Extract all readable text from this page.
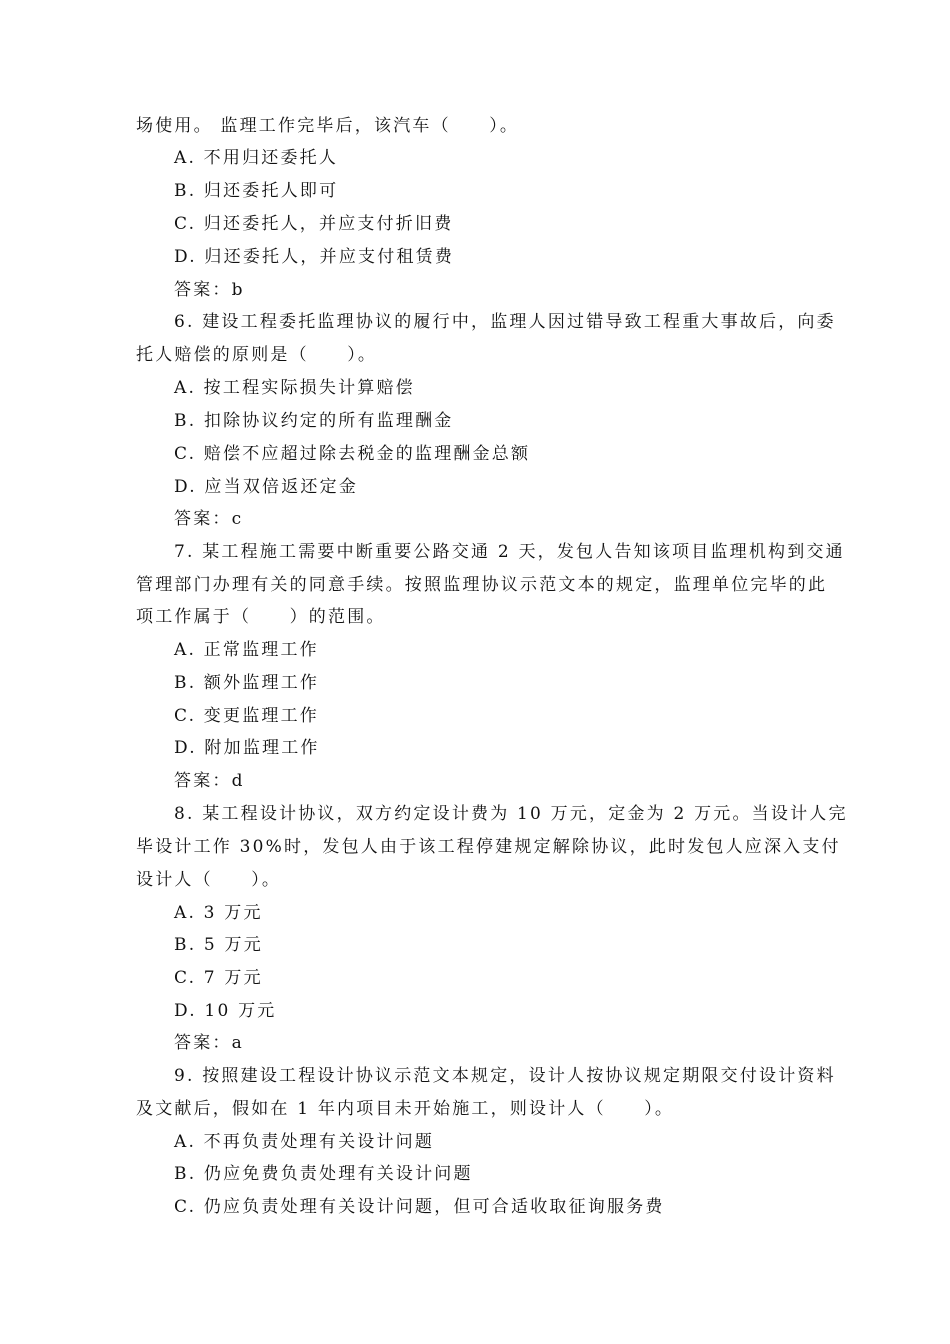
场使用。 监理工作完毕后，该汽车（　　）。
A. 不用归还委托人
B. 归还委托人即可
C. 归还委托人，并应支付折旧费
D. 归还委托人，并应支付租赁费
答案：b
6. 建设工程委托监理协议的履行中，监理人因过错导致工程重大事故后，向委
托人赔偿的原则是（　　）。
A. 按工程实际损失计算赔偿
B. 扣除协议约定的所有监理酬金
C. 赔偿不应超过除去税金的监理酬金总额
D. 应当双倍返还定金
答案：c
7. 某工程施工需要中断重要公路交通 2 天，发包人告知该项目监理机构到交通
管理部门办理有关的同意手续。按照监理协议示范文本的规定，监理单位完毕的此
项工作属于（　　）的范围。
A. 正常监理工作
B. 额外监理工作
C. 变更监理工作
D. 附加监理工作
答案：d
8. 某工程设计协议，双方约定设计费为 10 万元，定金为 2 万元。当设计人完
毕设计工作 30%时，发包人由于该工程停建规定解除协议，此时发包人应深入支付
设计人（　　）。
A. 3 万元
B. 5 万元
C. 7 万元
D. 10 万元
答案：a
9. 按照建设工程设计协议示范文本规定，设计人按协议规定期限交付设计资料
及文献后，假如在 1 年内项目未开始施工，则设计人（　　）。
A. 不再负责处理有关设计问题
B. 仍应免费负责处理有关设计问题
C. 仍应负责处理有关设计问题，但可合适收取征询服务费
